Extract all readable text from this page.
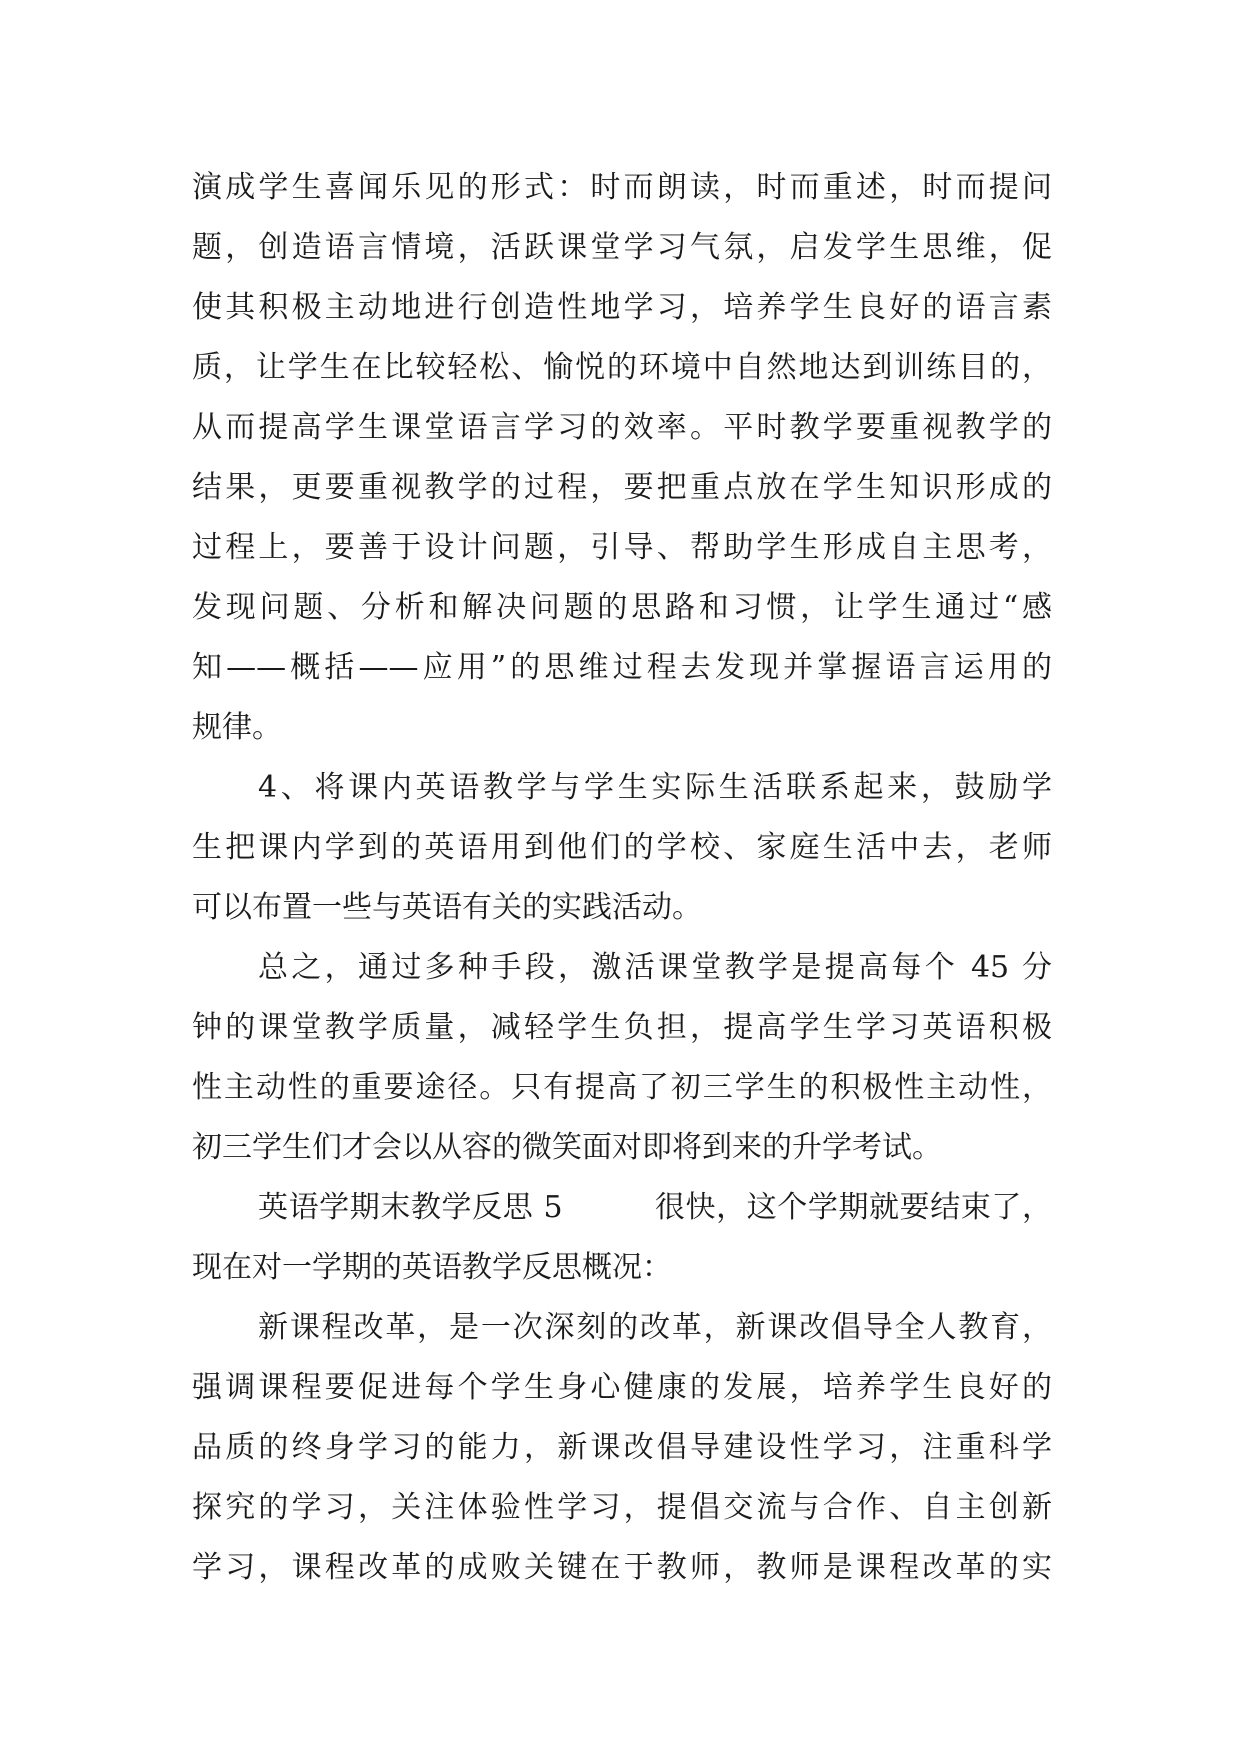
演成学生喜闻乐见的形式：时而朗读，时而重述，时而提问
题，创造语言情境，活跃课堂学习气氛，启发学生思维，促
使其积极主动地进行创造性地学习，培养学生良好的语言素
质，让学生在比较轻松、愉悦的环境中自然地达到训练目的，
从而提高学生课堂语言学习的效率。平时教学要重视教学的
结果，更要重视教学的过程，要把重点放在学生知识形成的
过程上，要善于设计问题，引导、帮助学生形成自主思考，
发现问题、分析和解决问题的思路和习惯，让学生通过“感
知——概括——应用”的思维过程去发现并掌握语言运用的
规律。
4、将课内英语教学与学生实际生活联系起来，鼓励学
生把课内学到的英语用到他们的学校、家庭生活中去，老师
可以布置一些与英语有关的实践活动。
总之，通过多种手段，激活课堂教学是提高每个 45 分
钟的课堂教学质量，减轻学生负担，提高学生学习英语积极
性主动性的重要途径。只有提高了初三学生的积极性主动性，
初三学生们才会以从容的微笑面对即将到来的升学考试。
英语学期末教学反思 5　　　很快，这个学期就要结束了，
现在对一学期的英语教学反思概况：
新课程改革，是一次深刻的改革，新课改倡导全人教育，
强调课程要促进每个学生身心健康的发展，培养学生良好的
品质的终身学习的能力，新课改倡导建设性学习，注重科学
探究的学习，关注体验性学习，提倡交流与合作、自主创新
学习，课程改革的成败关键在于教师，教师是课程改革的实
